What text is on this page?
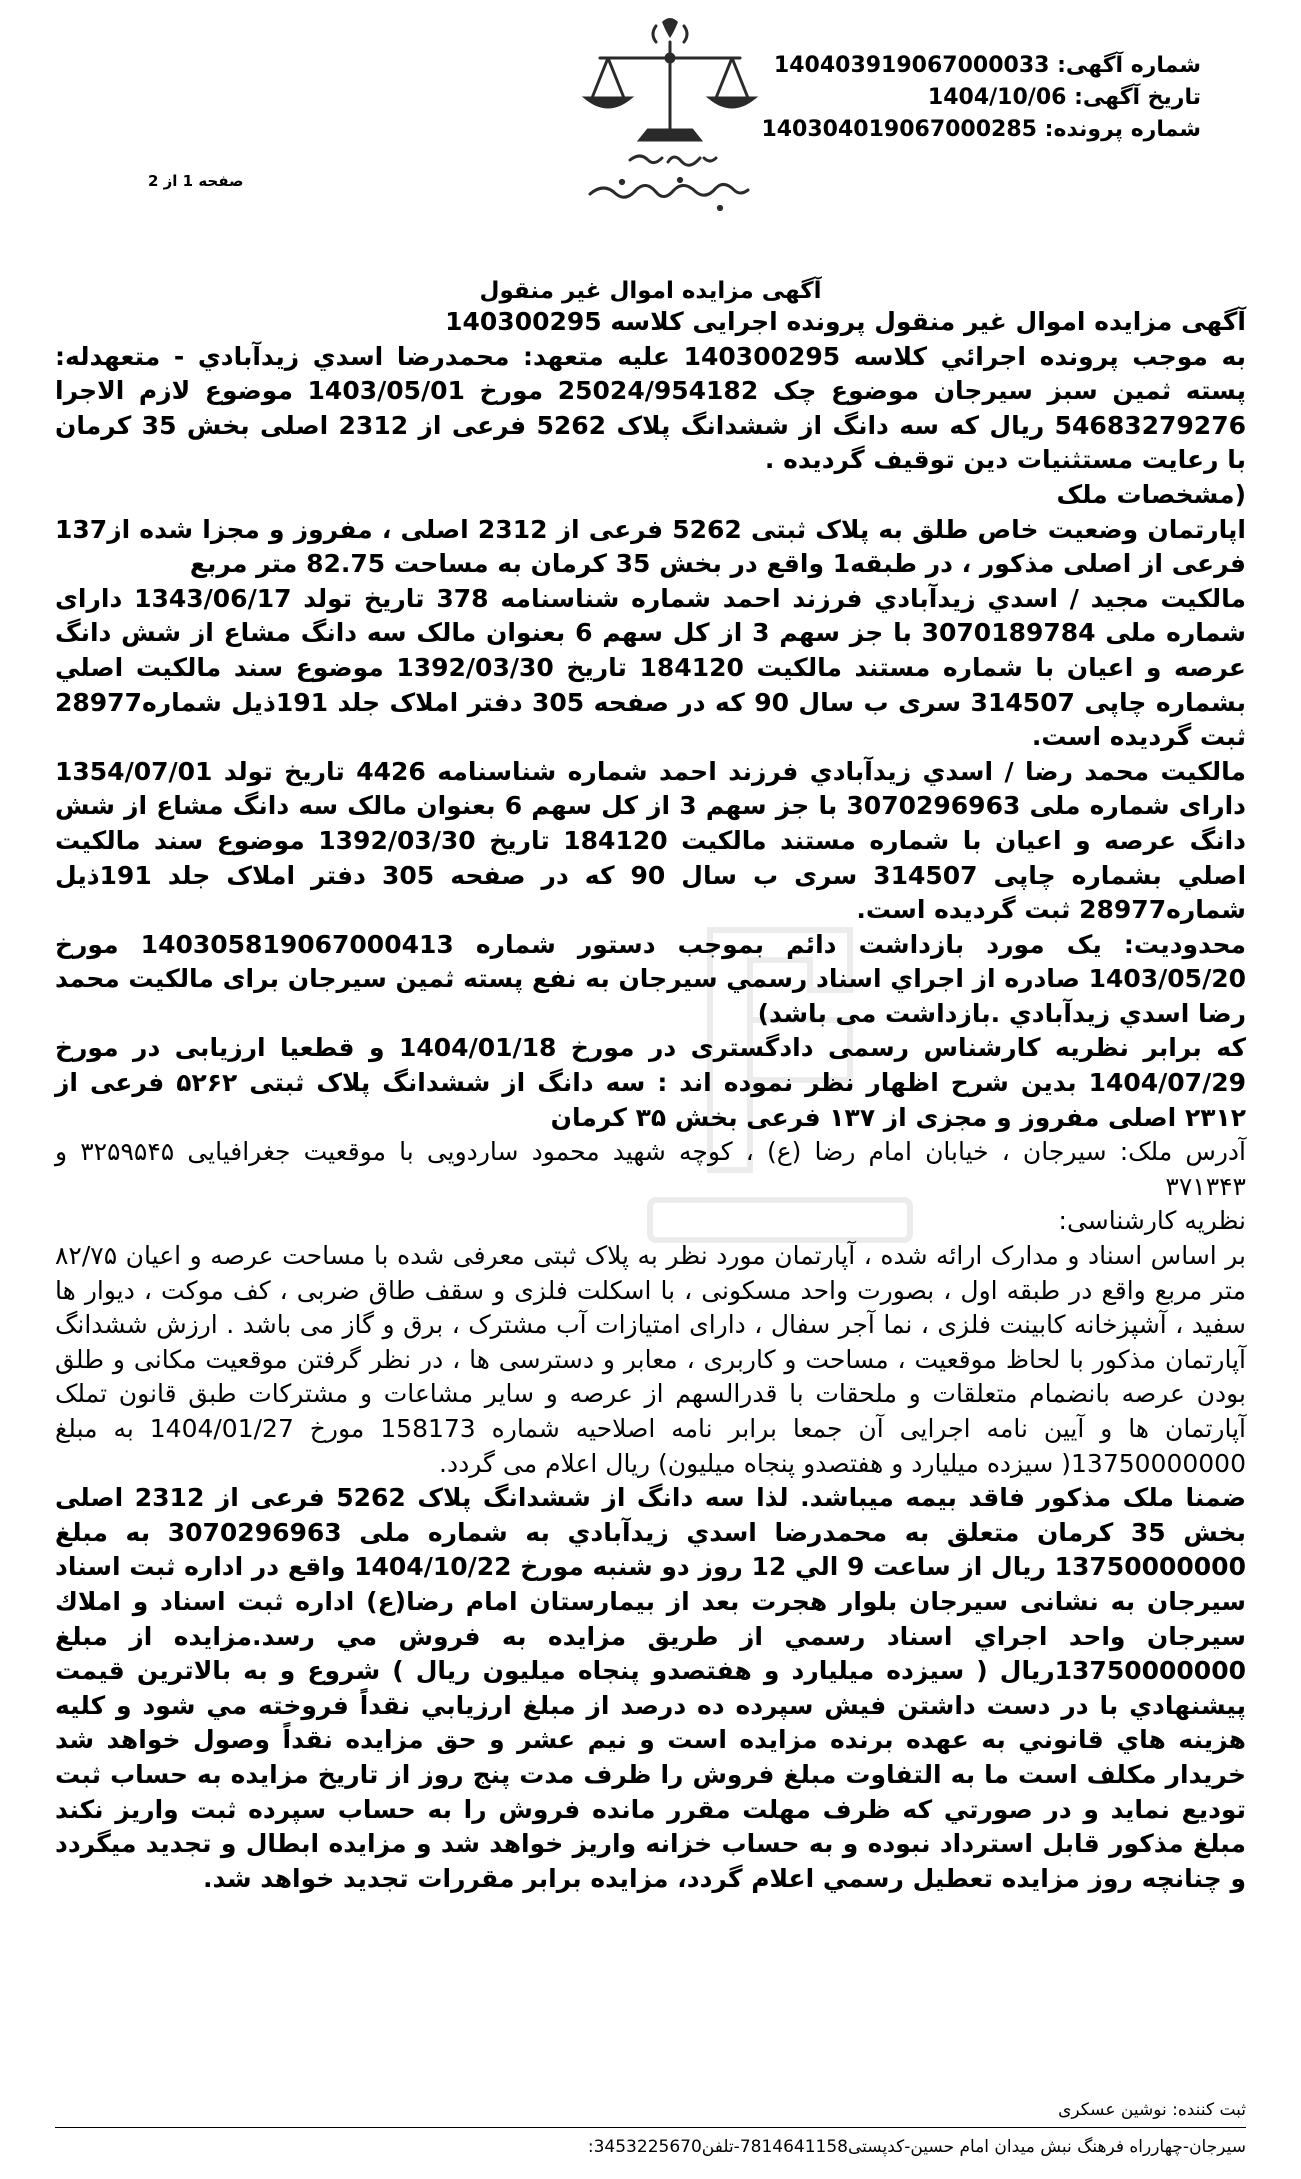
شماره آگهی: 140403919067000033
تاریخ آگهی: 1404/10/06
شماره پرونده: 140304019067000285
صفحه 1 از 2
آگهی مزایده اموال غیر منقول

آگهی مزایده اموال غیر منقول پرونده اجرایی کلاسه 140300295

به موجب پرونده اجرائي كلاسه 140300295 عليه متعهد: محمدرضا اسدي زيدآبادي - متعهدله: پسته ثمين سبز سيرجان موضوع چک 25024/954182 مورخ 1403/05/01 موضوع لازم الاجرا 54683279276 ريال که سه دانگ از ششدانگ پلاک 5262 فرعی از 2312 اصلی بخش 35 کرمان با رعایت مستثنیات دین توقیف گردیده .

(مشخصات ملک

اپارتمان وضعیت خاص طلق به پلاک ثبتی 5262 فرعی از 2312 اصلی ، مفروز و مجزا شده از137 فرعی از اصلی مذکور ، در طبقه1 واقع در بخش 35 کرمان به مساحت 82.75 متر مربع

مالکیت مجید / اسدي زيدآبادي فرزند احمد شماره شناسنامه 378 تاریخ تولد 1343/06/17 دارای شماره ملی 3070189784 با جز سهم 3 از کل سهم 6 بعنوان مالک سه دانگ مشاع از شش دانگ عرصه و اعیان با شماره مستند مالکیت 184120 تاریخ 1392/03/30 موضوع سند مالکیت اصلي بشماره چاپی 314507 سری ب سال 90 که در صفحه 305 دفتر املاک جلد 191ذیل شماره28977 ثبت گردیده است.

مالکیت محمد رضا / اسدي زيدآبادي فرزند احمد شماره شناسنامه 4426 تاریخ تولد 1354/07/01 دارای شماره ملی 3070296963 با جز سهم 3 از کل سهم 6 بعنوان مالک سه دانگ مشاع از شش دانگ عرصه و اعیان با شماره مستند مالکیت 184120 تاریخ 1392/03/30 موضوع سند مالکیت اصلي بشماره چاپی 314507 سری ب سال 90 که در صفحه 305 دفتر املاک جلد 191ذیل شماره28977 ثبت گردیده است.

محدوديت: یک مورد بازداشت دائم بموجب دستور شماره 140305819067000413 مورخ 1403/05/20 صادره از اجراي اسناد رسمي سيرجان به نفع پسته ثمين سيرجان برای مالکیت محمد رضا اسدي زيدآبادي .بازداشت می باشد)

که برابر نظریه کارشناس رسمی دادگستری در مورخ 1404/01/18 و قطعیا ارزیابی در مورخ 1404/07/29 بدین شرح اظهار نظر نموده اند : سه دانگ از ششدانگ پلاک ثبتی ۵۲۶۲ فرعی از ۲۳۱۲ اصلی مفروز و مجزی از ۱۳۷ فرعی بخش ۳۵ کرمان

آدرس ملک: سیرجان ، خیابان امام رضا (ع) ، کوچه شهید محمود ساردویی با موقعیت جغرافیایی ۳۲۵۹۵۴۵ و ۳۷۱۳۴۳

نظریه کارشناسی:

بر اساس اسناد و مدارک ارائه شده ، آپارتمان مورد نظر به پلاک ثبتی معرفی شده با مساحت عرصه و اعیان ۸۲/۷۵ متر مربع واقع در طبقه اول ، بصورت واحد مسکونی ، با اسکلت فلزی و سقف طاق ضربی ، کف موکت ، دیوار ها سفید ، آشپزخانه کابینت فلزی ، نما آجر سفال ، دارای امتیازات آب مشترک ، برق و گاز می باشد . ارزش ششدانگ آپارتمان مذکور با لحاظ موقعیت ، مساحت و کاربری ، معابر و دسترسی ها ، در نظر گرفتن موقعیت مکانی و طلق بودن عرصه بانضمام متعلقات و ملحقات با قدرالسهم از عرصه و سایر مشاعات و مشترکات طبق قانون تملک آپارتمان ها و آیین نامه اجرایی آن جمعا برابر نامه اصلاحیه شماره 158173 مورخ 1404/01/27 به مبلغ 13750000000( سیزده میلیارد و هفتصدو پنجاه میلیون) ریال اعلام می گردد.

ضمنا ملک مذکور فاقد بیمه میباشد. لذا سه دانگ از ششدانگ پلاک 5262 فرعی از 2312 اصلی بخش 35 کرمان متعلق به محمدرضا اسدي زيدآبادي به شماره ملی 3070296963 به مبلغ 13750000000 ریال از ساعت 9 الي 12 روز دو شنبه مورخ 1404/10/22 واقع در اداره ثبت اسناد سيرجان به نشانی سيرجان بلوار هجرت بعد از بيمارستان امام رضا(ع) اداره ثبت اسناد و املاك سيرجان واحد اجراي اسناد رسمي از طريق مزايده به فروش مي رسد.مزايده از مبلغ 13750000000ريال ( سیزده میلیارد و هفتصدو پنجاه میلیون ریال ) شروع و به بالاترين قيمت پيشنهادي با در دست داشتن فيش سپرده ده درصد از مبلغ ارزيابي نقداً فروخته مي شود و كليه هزينه هاي قانوني به عهده برنده مزايده است و نيم عشر و حق مزايده نقداً وصول خواهد شد خريدار مكلف است ما به التفاوت مبلغ فروش را ظرف مدت پنج روز از تاريخ مزايده به حساب ثبت توديع نمايد و در صورتي كه ظرف مهلت مقرر مانده فروش را به حساب سپرده ثبت واريز نكند مبلغ مذكور قابل استرداد نبوده و به حساب خزانه واريز خواهد شد و مزايده ابطال و تجديد ميگردد و چنانچه روز مزايده تعطيل رسمي اعلام گردد، مزايده برابر مقررات تجديد خواهد شد.

ثبت کننده: نوشین عسکری
سیرجان-چهارراه فرهنگ نبش میدان امام حسین-کدپستی7814641158-تلفن3453225670:
